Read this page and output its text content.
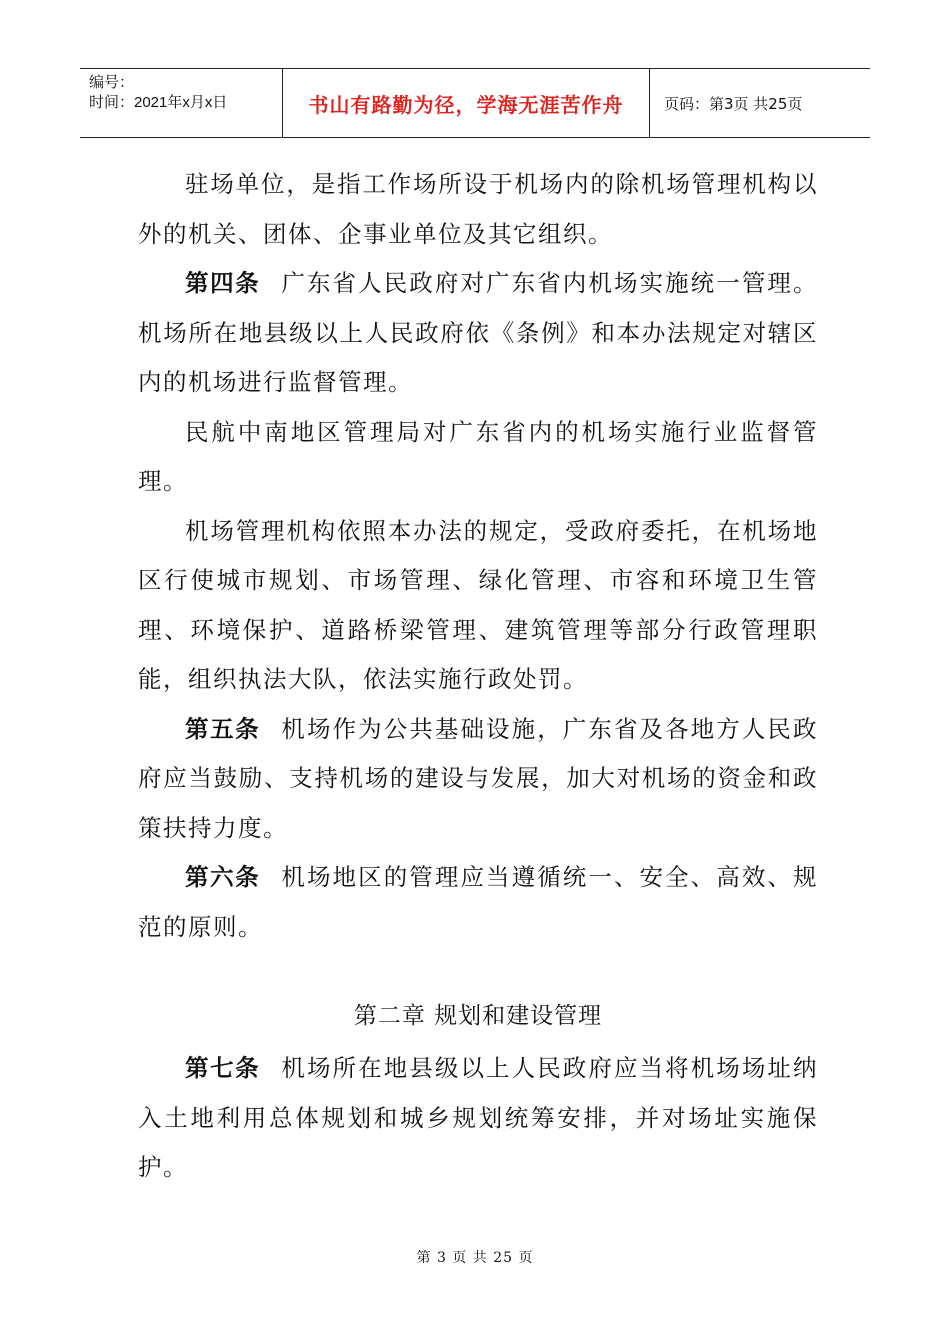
编号：
时间：2021年x月x日	书山有路勤为径，学海无涯苦作舟	页码：第3页 共25页

驻场单位，是指工作场所设于机场内的除机场管理机构以外的机关、团体、企事业单位及其它组织。

第四条 广东省人民政府对广东省内机场实施统一管理。机场所在地县级以上人民政府依《条例》和本办法规定对辖区内的机场进行监督管理。

民航中南地区管理局对广东省内的机场实施行业监督管理。

机场管理机构依照本办法的规定，受政府委托，在机场地区行使城市规划、市场管理、绿化管理、市容和环境卫生管理、环境保护、道路桥梁管理、建筑管理等部分行政管理职能，组织执法大队，依法实施行政处罚。

第五条 机场作为公共基础设施，广东省及各地方人民政府应当鼓励、支持机场的建设与发展，加大对机场的资金和政策扶持力度。

第六条 机场地区的管理应当遵循统一、安全、高效、规范的原则。

第二章 规划和建设管理

第七条 机场所在地县级以上人民政府应当将机场场址纳入土地利用总体规划和城乡规划统筹安排，并对场址实施保护。

第 3 页 共 25 页
